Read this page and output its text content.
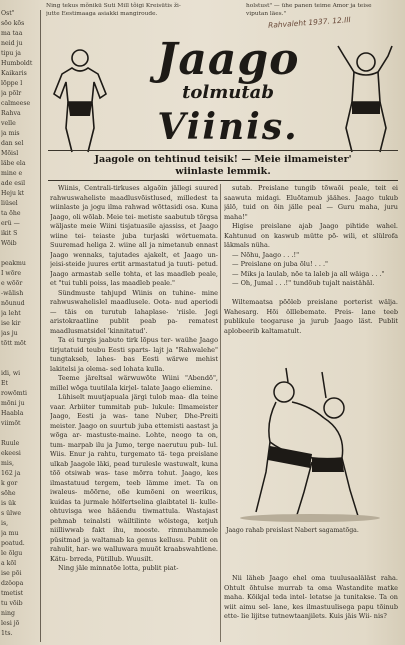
Ost"
sõo kõs
ma taa
neid ju
tipu ja
Humboldt
Kaikaris
lõppe l
ja põlr
calmeese
Rahva
velle
ja mis
dan sel
Mõisl
läbe ela
mine e
ade esil
Heju kt
liüsel
ta õhe
erü —
ikit S
Wõib
peakmu
I wõre
e wõõr
-wälish
nõunud
ja leht
ise kir
jas ju
tõtt mõt
idi, wi
Et
rowõmti
mõni ju
Haabla
viimõt
Ruule
ekeesi
mis,
162 ja
k gor
sõhe
is ük
s ülwe
is,
ja mu
poatud.
le õlgu
a kõl
ise põi
dzöopa
tmetist
tu võib
ning
lesi jõ
1ts.
Ning tekus mõnikü Suti Mill tõigi Kreisütis ži-
jutte Eestimaaga asiakki mangiroude.
holstust" — ühe panen teime Amor ja teise
viputan läes."
Rahvaleht 1937. 12.III
Jaago
tolmutab
Viinis.
Jaagole on tehtinud teisik! — Meie ilmameister'
wiinlaste lemmik.

Wiinis, Centrali-tirkuses algaõin jällegi suured rahwuswaheliste maadlusvõistlused, milledest ta wiinlaste ja jogu ilma rahwad wõttasidi osa. Kuna Jaago, oli wõlab. Meie tei- metiste saabutub tõrgsa wäljaste meie Wiini tisjatuasile ajassiss, et Jaago wiine tei- teiaste juba turjaski wörtuemata. Suuremad heliga 2. wiine all ja nimetanub ennast Jaago wennaks, tajutades ajakelt, et Jaago un- jeisi-steide juures ertit armastatud ja tuuti- petud. Jaago armastab selle tohta, et las maadleb peale, et "tui tubli poiss, las maadleb peale."

Sündmuste tahjupd Wiinis on tuhine- mine rahwuswahelislel maadlusele. Oota- nud aperiodi — täis on turutub lahaplase- 'riisle. Jegi aristokraatline publit peab pa- rematest maadlusmatsidel 'kinnitatud'.

Ta ei turgis jaabuto tirk lõpus ter- waühe Jaago tirjutatuid teubu Eesti sparts- lajt ja "Rahwalehe" tungtakseb, lahes- bas Eesti wärwe mehist lakitelsi ja olema- sed lohata kulla.

Teeme järeltsal wärwuwõte Wiini "Abendõ", millel wõga tuutilala kirjel- talate Jaago eliemine.

Lühiselt muutjapuala järgi tulob maa- dla teine vaar. Arbiiter tummitab pub- lukule: Ilmameister Jaago, Eesti ja was- tane Nuber, Dhe-Preiti meister. Jaago on suurtub juba ettemisti aastast ja wõga ar- mastuste-maine. Lohte, neogo ta on, tum- marpab ilu ja Jumo, terge naerutuu pub- lul. Wiis. Enur ja rahtu, turgemato tä- tega preislane ulkab Jaagole läki, pead turulesle wastuwalt, kuna tõõ otsiwab was- tase mõrra tohut. Jaago, kes ilmastatuud tergem, teeb lämme imet. Ta on iwaleus- mõõrne, oße kumõeni on weerikus, kuidas ta jurmale hölfertselina glaibtatel li- kulle-ohtuvisga wee hääendu tiwmattula. Wastajast pehmab teinalsti wäiltilinte wõistega, ketjuh niilliwwab fakt ihu, mooste. rinmuhammele püsitmad ja waltamab ka genus kellusu. Publit on rahulit, har- we walluwara muuõt kraabswahtlene. Kätu- brreda, Pütillub. Wuusilt.

Ning jäle minnatõe lotta, publit piat-

sutab. Preislane tungib tõwaõi peale, teit ei saawuta midagi. Eluõtamub jäähes. Jaago tukub jälõ, tuid on õin jälle peal — Guru maha, juru maha!"

Higise preislane ajab Jaago pihtide wahel. Kahtunud on kaswub mütte põ- wili, et slülrofa läkmals nüha.

— Nõhu, Jaago . . .!"

— Preislane on juba õlu! . . ."

— Miks ja laulab, nõe ta laleb ja all wäiga . . ."

— Oh, Jumal . . .!" tundõub tujalt naistähäl.

Wiltemaatsa põõleb preislane porterist wälja. Wahesarg. Hõi ölllebemate. Preis- lane teeb publikule teogaruse ja jurub Jaago läst. Publit aplobeerib kaltamatult.

Jaago rahab preislast Nabert sagamatõga.

Nii läheb Jaago ehel oma tuulusaaläläst raha. Ohtult õhtulse murrab ta oma Wastandite matke maha. Kõikjal teda intel- letatse ja tunitakse. Ta on wiit aimu sel- lane, kes ilmastuulisega papu tõinub ette- lie lijitse tutnewtaanjilets. Kuis jäis Wii- nis?
